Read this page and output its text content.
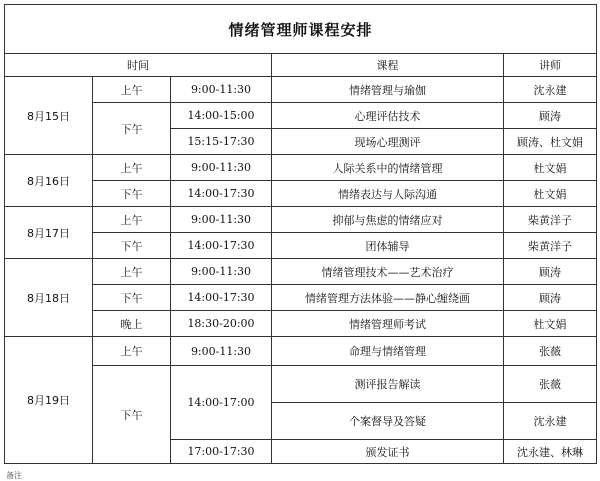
情绪管理师课程安排				
时间			课程	讲师
8月15日	上午	9:00-11:30	情绪管理与瑜伽	沈永建
	下午	14:00-15:00	心理评估技术	顾涛
		15:15-17:30	现场心理测评	顾涛、杜文娟
8月16日	上午	9:00-11:30	人际关系中的情绪管理	杜文娟
	下午	14:00-17:30	情绪表达与人际沟通	杜文娟
8月17日	上午	9:00-11:30	抑郁与焦虑的情绪应对	柴黄洋子
	下午	14:00-17:30	团体辅导	柴黄洋子
8月18日	上午	9:00-11:30	情绪管理技术——艺术治疗	顾涛
	下午	14:00-17:30	情绪管理方法体验——静心缠绕画	顾涛
	晚上	18:30-20:00	情绪管理师考试	杜文娟
8月19日	上午	9:00-11:30	命理与情绪管理	张薇
	下午	14:00-17:00	测评报告解读	张薇
			个案督导及答疑	沈永建
		17:00-17:30	颁发证书	沈永建、林琳
备注
